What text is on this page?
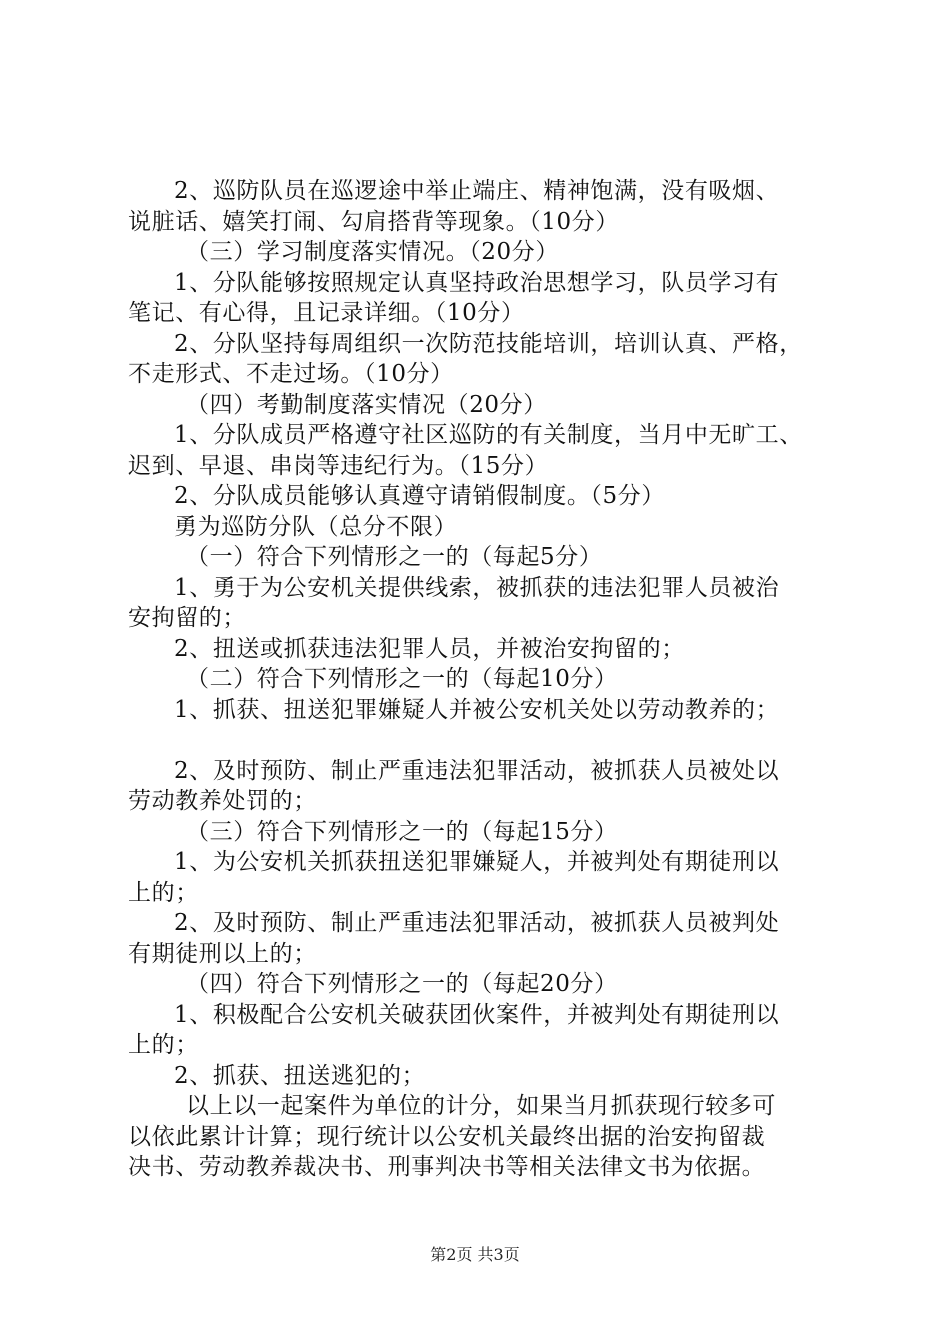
2、巡防队员在巡逻途中举止端庄、精神饱满，没有吸烟、
说脏话、嬉笑打闹、勾肩搭背等现象。（10分）
（三）学习制度落实情况。（20分）
1、分队能够按照规定认真坚持政治思想学习，队员学习有
笔记、有心得，且记录详细。（10分）
2、分队坚持每周组织一次防范技能培训，培训认真、严格，
不走形式、不走过场。（10分）
（四）考勤制度落实情况（20分）
1、分队成员严格遵守社区巡防的有关制度，当月中无旷工、
迟到、早退、串岗等违纪行为。（15分）
2、分队成员能够认真遵守请销假制度。（5分）
勇为巡防分队（总分不限）
（一）符合下列情形之一的（每起5分）
1、勇于为公安机关提供线索，被抓获的违法犯罪人员被治
安拘留的；
2、扭送或抓获违法犯罪人员，并被治安拘留的；
（二）符合下列情形之一的（每起10分）
1、抓获、扭送犯罪嫌疑人并被公安机关处以劳动教养的；
2、及时预防、制止严重违法犯罪活动，被抓获人员被处以
劳动教养处罚的；
（三）符合下列情形之一的（每起15分）
1、为公安机关抓获扭送犯罪嫌疑人，并被判处有期徒刑以
上的；
2、及时预防、制止严重违法犯罪活动，被抓获人员被判处
有期徒刑以上的；
（四）符合下列情形之一的（每起20分）
1、积极配合公安机关破获团伙案件，并被判处有期徒刑以
上的；
2、抓获、扭送逃犯的；
以上以一起案件为单位的计分，如果当月抓获现行较多可
以依此累计计算；现行统计以公安机关最终出据的治安拘留裁
决书、劳动教养裁决书、刑事判决书等相关法律文书为依据。
第2页 共3页
